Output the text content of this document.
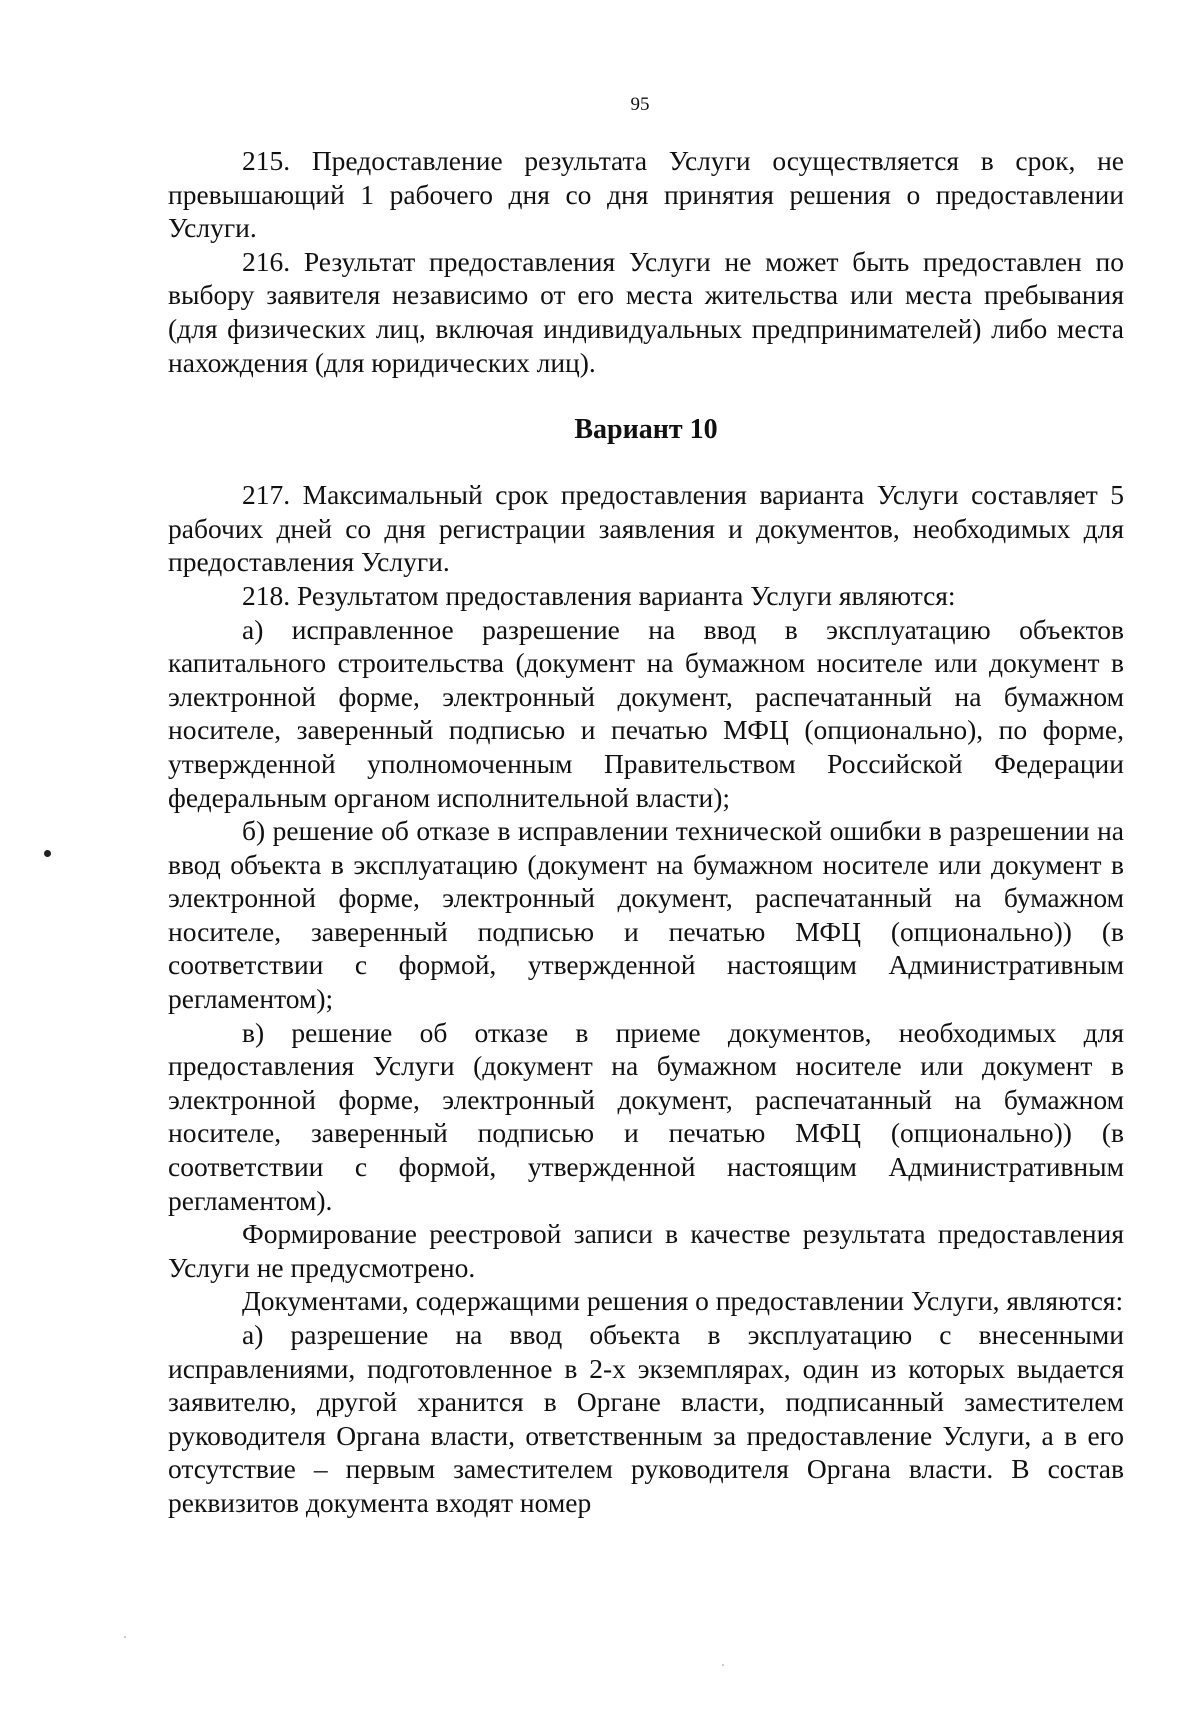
95

215. Предоставление результата Услуги осуществляется в срок, не превышающий 1 рабочего дня со дня принятия решения о предоставлении Услуги.

216. Результат предоставления Услуги не может быть предоставлен по выбору заявителя независимо от его места жительства или места пребывания (для физических лиц, включая индивидуальных предпринимателей) либо места нахождения (для юридических лиц).

Вариант 10

217. Максимальный срок предоставления варианта Услуги составляет 5 рабочих дней со дня регистрации заявления и документов, необходимых для предоставления Услуги.

218. Результатом предоставления варианта Услуги являются:

а) исправленное разрешение на ввод в эксплуатацию объектов капитального строительства (документ на бумажном носителе или документ в электронной форме, электронный документ, распечатанный на бумажном носителе, заверенный подписью и печатью МФЦ (опционально), по форме, утвержденной уполномоченным Правительством Российской Федерации федеральным органом исполнительной власти);

б) решение об отказе в исправлении технической ошибки в разрешении на ввод объекта в эксплуатацию (документ на бумажном носителе или документ в электронной форме, электронный документ, распечатанный на бумажном носителе, заверенный подписью и печатью МФЦ (опционально)) (в соответствии с формой, утвержденной настоящим Административным регламентом);

в) решение об отказе в приеме документов, необходимых для предоставления Услуги (документ на бумажном носителе или документ в электронной форме, электронный документ, распечатанный на бумажном носителе, заверенный подписью и печатью МФЦ (опционально)) (в соответствии с формой, утвержденной настоящим Административным регламентом).

Формирование реестровой записи в качестве результата предоставления Услуги не предусмотрено.

Документами, содержащими решения о предоставлении Услуги, являются:

а) разрешение на ввод объекта в эксплуатацию с внесенными исправлениями, подготовленное в 2-х экземплярах, один из которых выдается заявителю, другой хранится в Органе власти, подписанный заместителем руководителя Органа власти, ответственным за предоставление Услуги, а в его отсутствие – первым заместителем руководителя Органа власти. В состав реквизитов документа входят номер
